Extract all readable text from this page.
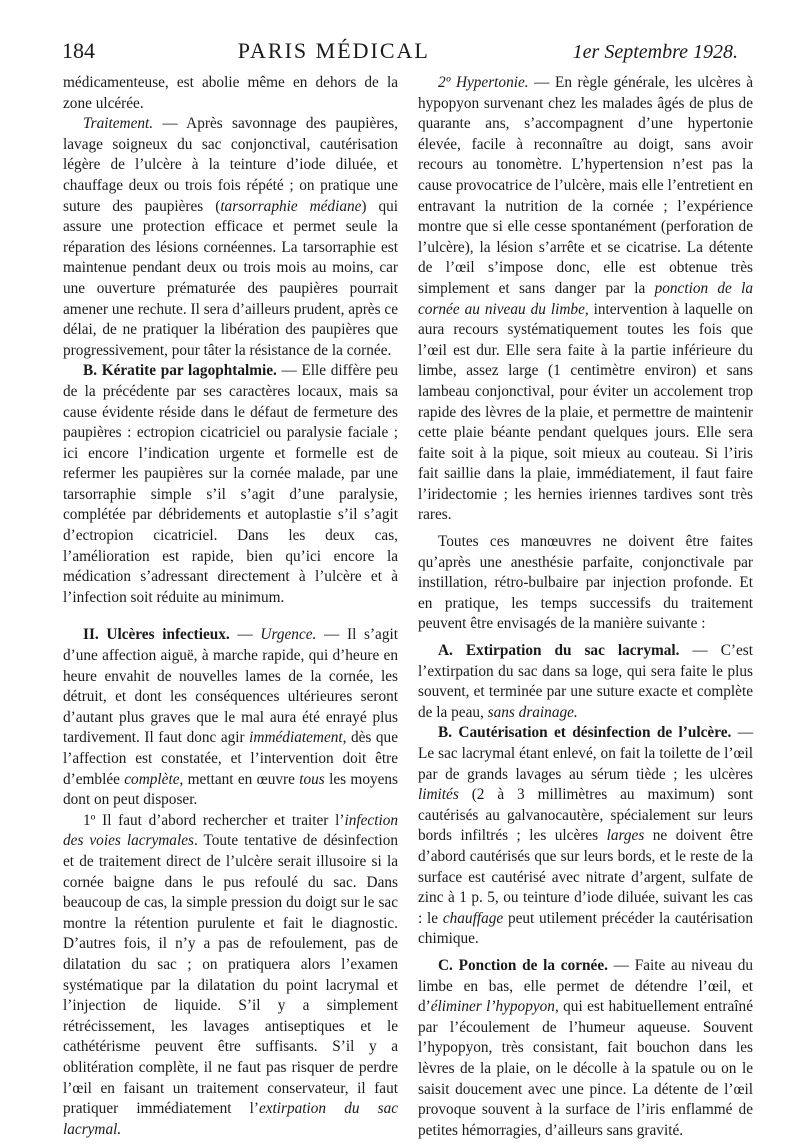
184	PARIS MÉDICAL	1er Septembre 1928.

médicamenteuse, est abolie même en dehors de la zone ulcérée.

Traitement. — Après savonnage des paupières, lavage soigneux du sac conjonctival, cautérisation légère de l’ulcère à la teinture d’iode diluée, et chauffage deux ou trois fois répété ; on pratique une suture des paupières (tarsorraphie médiane) qui assure une protection efficace et permet seule la réparation des lésions cornéennes. La tarsorraphie est maintenue pendant deux ou trois mois au moins, car une ouverture prématurée des paupières pourrait amener une rechute. Il sera d’ailleurs prudent, après ce délai, de ne pratiquer la libération des paupières que progressivement, pour tâter la résistance de la cornée.

B. Kératite par lagophtalmie. — Elle diffère peu de la précédente par ses caractères locaux, mais sa cause évidente réside dans le défaut de fermeture des paupières : ectropion cicatriciel ou paralysie faciale ; ici encore l’indication urgente et formelle est de refermer les paupières sur la cornée malade, par une tarsorraphie simple s’il s’agit d’une paralysie, complétée par débridements et autoplastie s’il s’agit d’ectropion cicatriciel. Dans les deux cas, l’amélioration est rapide, bien qu’ici encore la médication s’adressant directement à l’ulcère et à l’infection soit réduite au minimum.

II. Ulcères infectieux. — Urgence. — Il s’agit d’une affection aiguë, à marche rapide, qui d’heure en heure envahit de nouvelles lames de la cornée, les détruit, et dont les conséquences ultérieures seront d’autant plus graves que le mal aura été enrayé plus tardivement. Il faut donc agir immédiatement, dès que l’affection est constatée, et l’intervention doit être d’emblée complète, mettant en œuvre tous les moyens dont on peut disposer.

1º Il faut d’abord rechercher et traiter l’infection des voies lacrymales. Toute tentative de désinfection et de traitement direct de l’ulcère serait illusoire si la cornée baigne dans le pus refoulé du sac. Dans beaucoup de cas, la simple pression du doigt sur le sac montre la rétention purulente et fait le diagnostic. D’autres fois, il n’y a pas de refoulement, pas de dilatation du sac ; on pratiquera alors l’examen systématique par la dilatation du point lacrymal et l’injection de liquide. S’il y a simplement rétrécissement, les lavages antiseptiques et le cathétérisme peuvent être suffisants. S’il y a oblitération complète, il ne faut pas risquer de perdre l’œil en faisant un traitement conservateur, il faut pratiquer immédiatement l’extirpation du sac lacrymal.

2º Hypertonie. — En règle générale, les ulcères à hypopyon survenant chez les malades âgés de plus de quarante ans, s’accompagnent d’une hypertonie élevée, facile à reconnaître au doigt, sans avoir recours au tonomètre. L’hypertension n’est pas la cause provocatrice de l’ulcère, mais elle l’entretient en entravant la nutrition de la cornée ; l’expérience montre que si elle cesse spontanément (perforation de l’ulcère), la lésion s’arrête et se cicatrise. La détente de l’œil s’impose donc, elle est obtenue très simplement et sans danger par la ponction de la cornée au niveau du limbe, intervention à laquelle on aura recours systématiquement toutes les fois que l’œil est dur. Elle sera faite à la partie inférieure du limbe, assez large (1 centimètre environ) et sans lambeau conjonctival, pour éviter un accolement trop rapide des lèvres de la plaie, et permettre de maintenir cette plaie béante pendant quelques jours. Elle sera faite soit à la pique, soit mieux au couteau. Si l’iris fait saillie dans la plaie, immédiatement, il faut faire l’iridectomie ; les hernies iriennes tardives sont très rares.

Toutes ces manœuvres ne doivent être faites qu’après une anesthésie parfaite, conjonctivale par instillation, rétro-bulbaire par injection profonde. Et en pratique, les temps successifs du traitement peuvent être envisagés de la manière suivante :

A. Extirpation du sac lacrymal. — C’est l’extirpation du sac dans sa loge, qui sera faite le plus souvent, et terminée par une suture exacte et complète de la peau, sans drainage.

B. Cautérisation et désinfection de l’ulcère. — Le sac lacrymal étant enlevé, on fait la toilette de l’œil par de grands lavages au sérum tiède ; les ulcères limités (2 à 3 millimètres au maximum) sont cautérisés au galvanocautère, spécialement sur leurs bords infiltrés ; les ulcères larges ne doivent être d’abord cautérisés que sur leurs bords, et le reste de la surface est cautérisé avec nitrate d’argent, sulfate de zinc à 1 p. 5, ou teinture d’iode diluée, suivant les cas : le chauffage peut utilement précéder la cautérisation chimique.

C. Ponction de la cornée. — Faite au niveau du limbe en bas, elle permet de détendre l’œil, et d’éliminer l’hypopyon, qui est habituellement entraîné par l’écoulement de l’humeur aqueuse. Souvent l’hypopyon, très consistant, fait bouchon dans les lèvres de la plaie, on le décolle à la spatule ou on le saisit doucement avec une pince. La détente de l’œil provoque souvent à la surface de l’iris enflammé de petites hémorragies, d’ailleurs sans gravité.
